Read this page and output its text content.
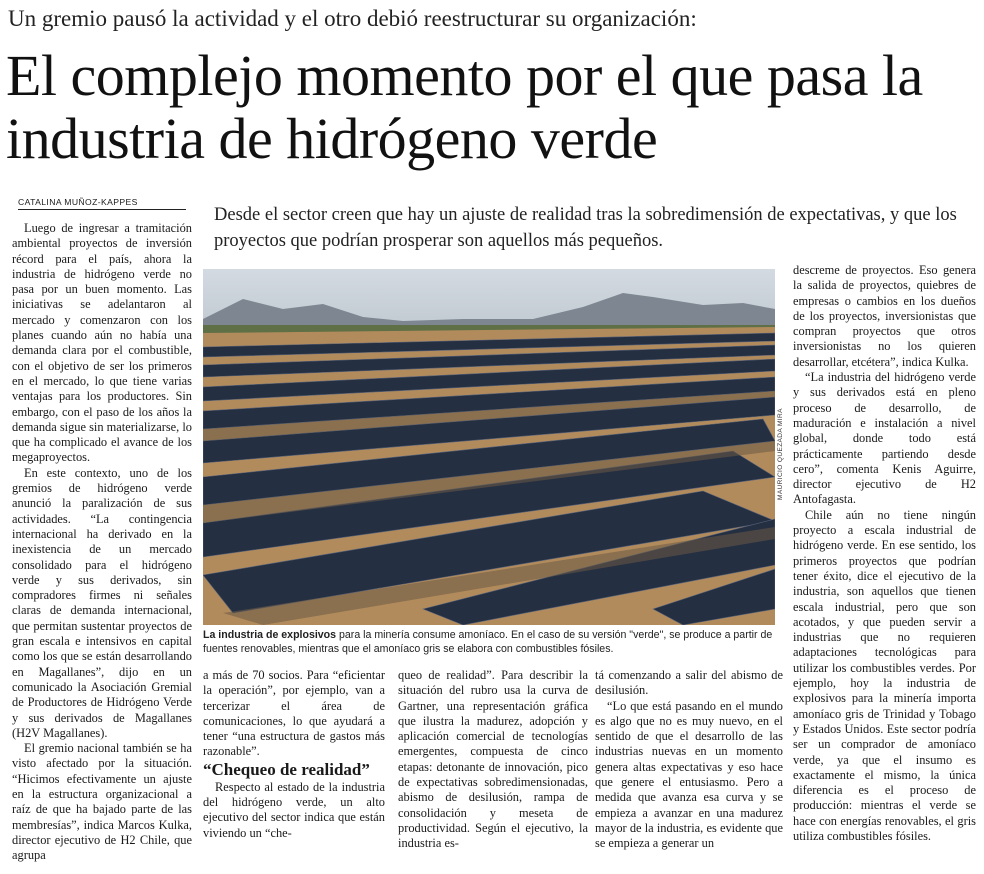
Un gremio pausó la actividad y el otro debió reestructurar su organización:
El complejo momento por el que pasa la industria de hidrógeno verde
CATALINA MUÑOZ-KAPPES
Desde el sector creen que hay un ajuste de realidad tras la sobredimensión de expectativas, y que los proyectos que podrían prosperar son aquellos más pequeños.

Luego de ingresar a tramitación ambiental proyectos de inversión récord para el país, ahora la industria de hidrógeno verde no pasa por un buen momento. Las iniciativas se adelantaron al mercado y comenzaron con los planes cuando aún no había una demanda clara por el combustible, con el objetivo de ser los primeros en el mercado, lo que tiene varias ventajas para los productores. Sin embargo, con el paso de los años la demanda sigue sin materializarse, lo que ha complicado el avance de los megaproyectos.

En este contexto, uno de los gremios de hidrógeno verde anunció la paralización de sus actividades. “La contingencia internacional ha derivado en la inexistencia de un mercado consolidado para el hidrógeno verde y sus derivados, sin compradores firmes ni señales claras de demanda internacional, que permitan sustentar proyectos de gran escala e intensivos en capital como los que se están desarrollando en Magallanes”, dijo en un comunicado la Asociación Gremial de Productores de Hidrógeno Verde y sus derivados de Magallanes (H2V Magallanes).

El gremio nacional también se ha visto afectado por la situación. “Hicimos efectivamente un ajuste en la estructura organizacional a raíz de que ha bajado parte de las membresías”, indica Marcos Kulka, director ejecutivo de H2 Chile, que agrupa

MAURICIO QUEZADA MIRA
La industria de explosivos para la minería consume amoníaco. En el caso de su versión "verde", se produce a partir de fuentes renovables, mientras que el amoníaco gris se elabora con combustibles fósiles.

a más de 70 socios. Para “eficientar la operación”, por ejemplo, van a tercerizar el área de comunicaciones, lo que ayudará a tener “una estructura de gastos más razonable”.

“Chequeo de realidad”

Respecto al estado de la industria del hidrógeno verde, un alto ejecutivo del sector indica que están viviendo un “che-

queo de realidad”. Para describir la situación del rubro usa la curva de Gartner, una representación gráfica que ilustra la madurez, adopción y aplicación comercial de tecnologías emergentes, compuesta de cinco etapas: detonante de innovación, pico de expectativas sobredimensionadas, abismo de desilusión, rampa de consolidación y meseta de productividad. Según el ejecutivo, la industria es-

tá comenzando a salir del abismo de desilusión.

“Lo que está pasando en el mundo es algo que no es muy nuevo, en el sentido de que el desarrollo de las industrias nuevas en un momento genera altas expectativas y eso hace que genere el entusiasmo. Pero a medida que avanza esa curva y se empieza a avanzar en una madurez mayor de la industria, es evidente que se empieza a generar un

descreme de proyectos. Eso genera la salida de proyectos, quiebres de empresas o cambios en los dueños de los proyectos, inversionistas que compran proyectos que otros inversionistas no los quieren desarrollar, etcétera”, indica Kulka.

“La industria del hidrógeno verde y sus derivados está en pleno proceso de desarrollo, de maduración e instalación a nivel global, donde todo está prácticamente partiendo desde cero”, comenta Kenis Aguirre, director ejecutivo de H2 Antofagasta.

Chile aún no tiene ningún proyecto a escala industrial de hidrógeno verde. En ese sentido, los primeros proyectos que podrían tener éxito, dice el ejecutivo de la industria, son aquellos que tienen escala industrial, pero que son acotados, y que pueden servir a industrias que no requieren adaptaciones tecnológicas para utilizar los combustibles verdes. Por ejemplo, hoy la industria de explosivos para la minería importa amoníaco gris de Trinidad y Tobago y Estados Unidos. Este sector podría ser un comprador de amoníaco verde, ya que el insumo es exactamente el mismo, la única diferencia es el proceso de producción: mientras el verde se hace con energías renovables, el gris utiliza combustibles fósiles.
